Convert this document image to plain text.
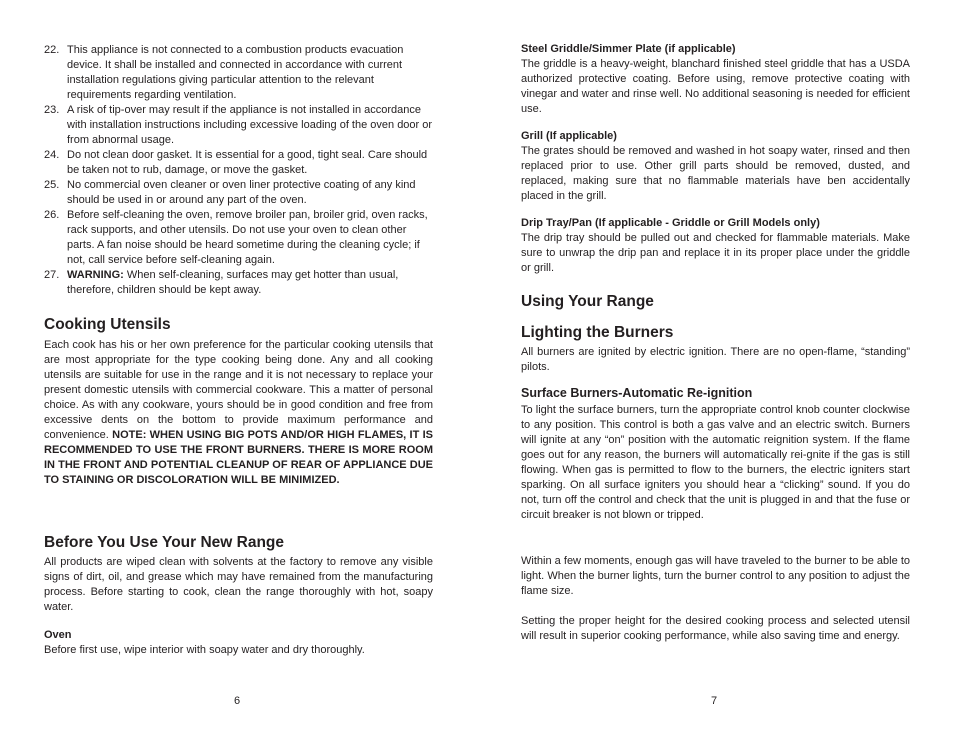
22. This appliance is not connected to a combustion products evacuation device. It shall be installed and connected in accordance with current installation regulations giving particular attention to the relevant requirements regarding ventilation.
23. A risk of tip-over may result if the appliance is not installed in accordance with installation instructions including excessive loading of the oven door or from abnormal usage.
24. Do not clean door gasket. It is essential for a good, tight seal. Care should be taken not to rub, damage, or move the gasket.
25. No commercial oven cleaner or oven liner protective coating of any kind should be used in or around any part of the oven.
26. Before self-cleaning the oven, remove broiler pan, broiler grid, oven racks, rack supports, and other utensils. Do not use your oven to clean other parts. A fan noise should be heard sometime during the cleaning cycle; if not, call service before self-cleaning again.
27. WARNING: When self-cleaning, surfaces may get hotter than usual, therefore, children should be kept away.
Cooking Utensils
Each cook has his or her own preference for the particular cooking utensils that are most appropriate for the type cooking being done. Any and all cooking utensils are suitable for use in the range and it is not necessary to replace your present domestic utensils with commercial cookware. This a matter of personal choice. As with any cookware, yours should be in good condition and free from excessive dents on the bottom to provide maximum performance and convenience. NOTE: WHEN USING BIG POTS AND/OR HIGH FLAMES, IT IS RECOMMENDED TO USE THE FRONT BURNERS. THERE IS MORE ROOM IN THE FRONT AND POTENTIAL CLEANUP OF REAR OF APPLIANCE DUE TO STAINING OR DISCOLORATION WILL BE MINIMIZED.
Before You Use Your New Range
All products are wiped clean with solvents at the factory to remove any visible signs of dirt, oil, and grease which may have remained from the manufacturing process. Before starting to cook, clean the range thoroughly with hot, soapy water.
Oven
Before first use, wipe interior with soapy water and dry thoroughly.
6
Steel Griddle/Simmer Plate (if applicable)
The griddle is a heavy-weight, blanchard finished steel griddle that has a USDA authorized protective coating. Before using, remove protective coating with vinegar and water and rinse well. No additional seasoning is needed for efficient use.
Grill (If applicable)
The grates should be removed and washed in hot soapy water, rinsed and then replaced prior to use. Other grill parts should be removed, dusted, and replaced, making sure that no flammable materials have ben accidentally placed in the grill.
Drip Tray/Pan (If applicable - Griddle or Grill Models only)
The drip tray should be pulled out and checked for flammable materials. Make sure to unwrap the drip pan and replace it in its proper place under the griddle or grill.
Using Your Range
Lighting the Burners
All burners are ignited by electric ignition. There are no open-flame, “standing” pilots.
Surface Burners-Automatic Re-ignition
To light the surface burners, turn the appropriate control knob counter clockwise to any position. This control is both a gas valve and an electric switch. Burners will ignite at any “on” position with the automatic reignition system. If the flame goes out for any reason, the burners will automatically rei-gnite if the gas is still flowing. When gas is permitted to flow to the burners, the electric igniters start sparking. On all surface igniters you should hear a “clicking” sound. If you do not, turn off the control and check that the unit is plugged in and that the fuse or circuit breaker is not blown or tripped.
Within a few moments, enough gas will have traveled to the burner to be able to light. When the burner lights, turn the burner control to any position to adjust the flame size.
Setting the proper height for the desired cooking process and selected utensil will result in superior cooking performance, while also saving time and energy.
7
